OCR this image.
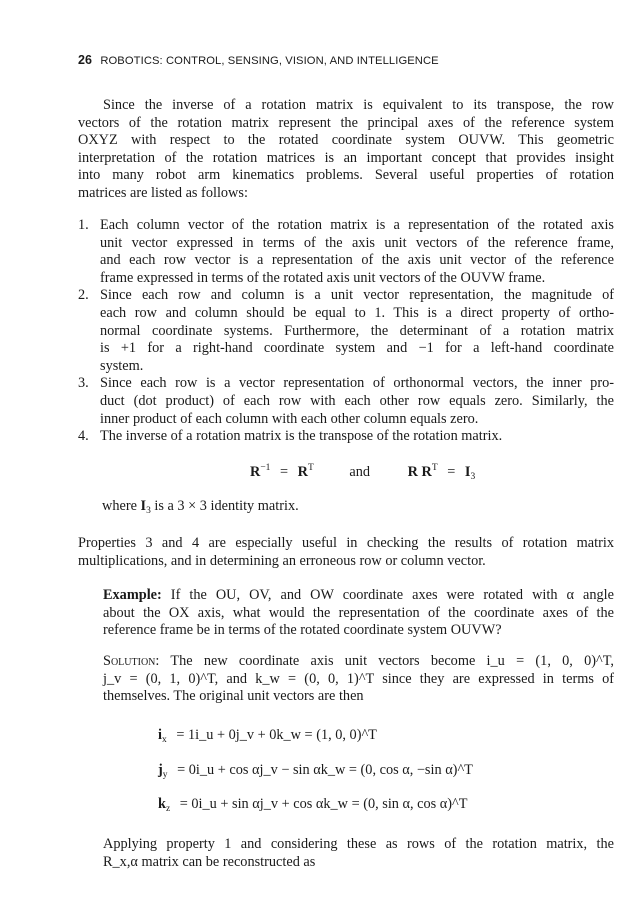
26 ROBOTICS: CONTROL, SENSING, VISION, AND INTELLIGENCE
Since the inverse of a rotation matrix is equivalent to its transpose, the row
vectors of the rotation matrix represent the principal axes of the reference system
OXYZ with respect to the rotated coordinate system OUVW. This geometric
interpretation of the rotation matrices is an important concept that provides insight
into many robot arm kinematics problems. Several useful properties of rotation
matrices are listed as follows:
1. Each column vector of the rotation matrix is a representation of the rotated axis
unit vector expressed in terms of the axis unit vectors of the reference frame,
and each row vector is a representation of the axis unit vector of the reference
frame expressed in terms of the rotated axis unit vectors of the OUVW frame.
2. Since each row and column is a unit vector representation, the magnitude of
each row and column should be equal to 1. This is a direct property of ortho-
normal coordinate systems. Furthermore, the determinant of a rotation matrix
is +1 for a right-hand coordinate system and −1 for a left-hand coordinate
system.
3. Since each row is a vector representation of orthonormal vectors, the inner pro-
duct (dot product) of each row with each other row equals zero. Similarly, the
inner product of each column with each other column equals zero.
4. The inverse of a rotation matrix is the transpose of the rotation matrix.
$R^{-1} = R^T$ and	R $R^T = I_3$
where $I_3$ is a 3 × 3 identity matrix.
Properties 3 and 4 are especially useful in checking the results of rotation matrix
multiplications, and in determining an erroneous row or column vector.
Example: If the OU, OV, and OW coordinate axes were rotated with α angle
about the OX axis, what would the representation of the coordinate axes of the
reference frame be in terms of the rotated coordinate system OUVW?
Solution: The new coordinate axis unit vectors become i_u = (1, 0, 0)^T,
j_v = (0, 1, 0)^T, and k_w = (0, 0, 1)^T since they are expressed in terms of
themselves. The original unit vectors are then
$i_x$ = 1i_u + 0j_v + 0k_w = (1, 0, 0)^T
$j_y$ = 0i_u + cos αj_v − sin αk_w = (0, cos α, −sin α)^T
$k_z$ = 0i_u + sin αj_v + cos αk_w = (0, sin α, cos α)^T
Applying property 1 and considering these as rows of the rotation matrix, the
R_x,α matrix can be reconstructed as
